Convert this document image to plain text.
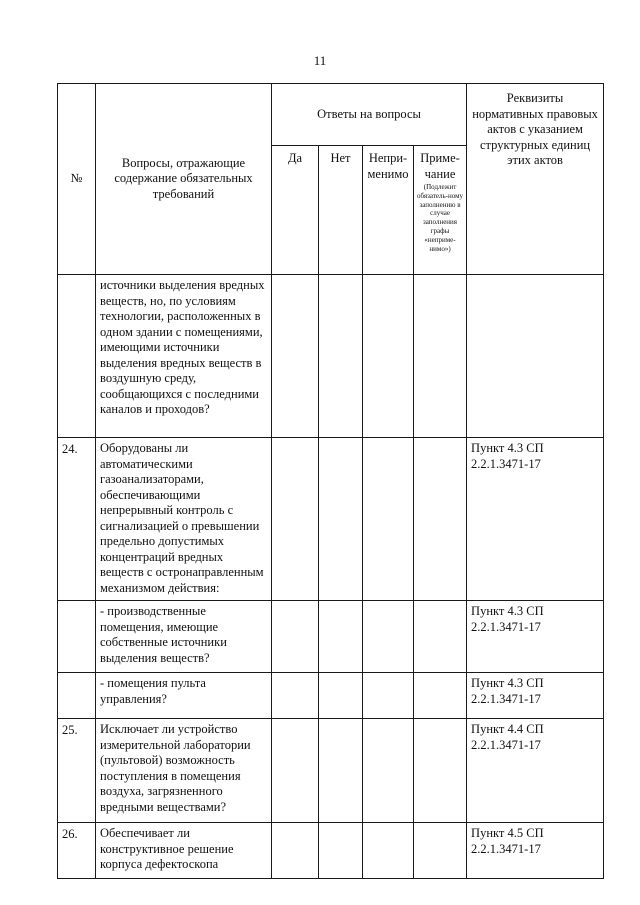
11
№	Вопросы, отражающие содержание обязательных требований	Ответы на вопросы				Реквизиты нормативных правовых актов с указанием структурных единиц этих актов
		Да	Нет	Непри-менимо	Приме-чание
(Подлежит обязатель-ному заполнению в случае заполнения графы «неприме-нимо»)	

	источники выделения вредных веществ, но, по условиям технологии, расположенных в одном здании с помещениями, имеющими источники выделения вредных веществ в воздушную среду, сообщающихся с последними каналов и проходов?					
24.	Оборудованы ли автоматическими газоанализаторами, обеспечивающими непрерывный контроль с сигнализацией о превышении предельно допустимых концентраций вредных веществ с остронаправленным механизмом действия:					Пункт 4.3 СП 2.2.1.3471-17
	- производственные помещения, имеющие собственные источники выделения веществ?					Пункт 4.3 СП 2.2.1.3471-17
	- помещения пульта управления?					Пункт 4.3 СП 2.2.1.3471-17
25.	Исключает ли устройство измерительной лаборатории (пультовой) возможность поступления в помещения воздуха, загрязненного вредными веществами?					Пункт 4.4 СП 2.2.1.3471-17
26.	Обеспечивает ли конструктивное решение корпуса дефектоскопа					Пункт 4.5 СП 2.2.1.3471-17
